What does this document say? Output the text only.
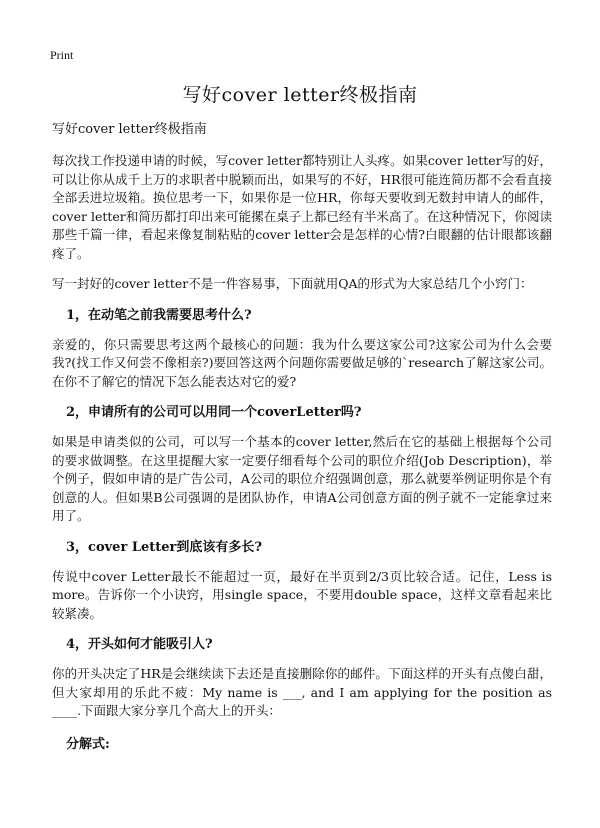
Print
写好cover letter终极指南

写好cover letter终极指南

每次找工作投递申请的时候，写cover letter都特别让人头疼。如果cover letter写的好，可以让你从成千上万的求职者中脱颖而出，如果写的不好，HR很可能连简历都不会看直接全部丢进垃圾箱。换位思考一下，如果你是一位HR，你每天要收到无数封申请人的邮件，cover letter和简历都打印出来可能摞在桌子上都已经有半米高了。在这种情况下，你阅读那些千篇一律，看起来像复制粘贴的cover letter会是怎样的心情?白眼翻的估计眼都该翻疼了。

写一封好的cover letter不是一件容易事，下面就用QA的形式为大家总结几个小窍门：

1，在动笔之前我需要思考什么?

亲爱的，你只需要思考这两个最核心的问题：我为什么要这家公司?这家公司为什么会要我?(找工作又何尝不像相亲?)要回答这两个问题你需要做足够的`research了解这家公司。在你不了解它的情况下怎么能表达对它的爱?

2，申请所有的公司可以用同一个coverLetter吗?

如果是申请类似的公司，可以写一个基本的cover letter,然后在它的基础上根据每个公司的要求做调整。在这里提醒大家一定要仔细看每个公司的职位介绍(Job Description)，举个例子，假如申请的是广告公司，A公司的职位介绍强调创意，那么就要举例证明你是个有创意的人。但如果B公司强调的是团队协作，申请A公司创意方面的例子就不一定能拿过来用了。

3，cover Letter到底该有多长?

传说中cover Letter最长不能超过一页，最好在半页到2/3页比较合适。记住，Less is more。告诉你一个小诀窍，用single space，不要用double space，这样文章看起来比较紧凑。

4，开头如何才能吸引人?

你的开头决定了HR是会继续读下去还是直接删除你的邮件。下面这样的开头有点傻白甜，但大家却用的乐此不疲：My name is ___, and I am applying for the position as ____.下面跟大家分享几个高大上的开头：

分解式:
